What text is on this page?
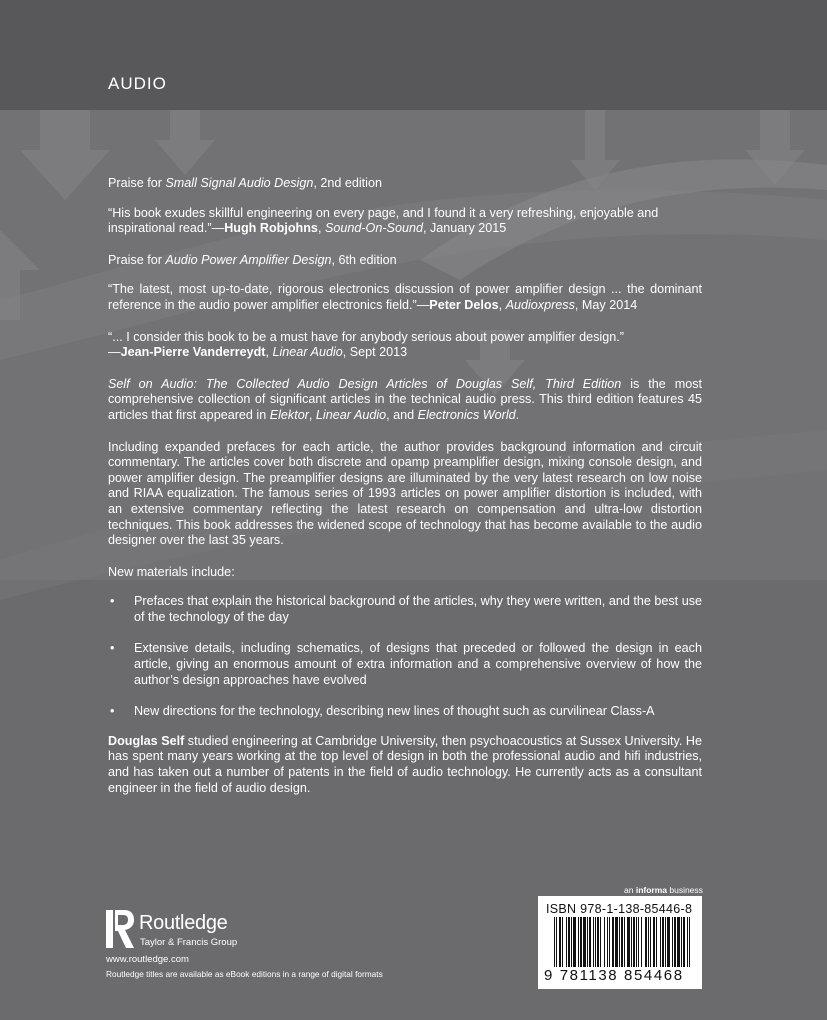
AUDIO

Praise for Small Signal Audio Design, 2nd edition

“His book exudes skillful engineering on every page, and I found it a very refreshing, enjoyable and inspirational read.”—Hugh Robjohns, Sound-On-Sound, January 2015

Praise for Audio Power Amplifier Design, 6th edition

“The latest, most up-to-date, rigorous electronics discussion of power amplifier design ... the dominant reference in the audio power amplifier electronics field.”—Peter Delos, Audioxpress, May 2014

“... I consider this book to be a must have for anybody serious about power amplifier design.”
—Jean-Pierre Vanderreydt, Linear Audio, Sept 2013

Self on Audio: The Collected Audio Design Articles of Douglas Self, Third Edition is the most comprehensive collection of significant articles in the technical audio press. This third edition features 45 articles that first appeared in Elektor, Linear Audio, and Electronics World.

Including expanded prefaces for each article, the author provides background information and circuit commentary. The articles cover both discrete and opamp preamplifier design, mixing console design, and power amplifier design. The preamplifier designs are illuminated by the very latest research on low noise and RIAA equalization. The famous series of 1993 articles on power amplifier distortion is included, with an extensive commentary reflecting the latest research on compensation and ultra-low distortion techniques. This book addresses the widened scope of technology that has become available to the audio designer over the last 35 years.

New materials include:

• Prefaces that explain the historical background of the articles, why they were written, and the best use of the technology of the day
• Extensive details, including schematics, of designs that preceded or followed the design in each article, giving an enormous amount of extra information and a comprehensive overview of how the author’s design approaches have evolved
• New directions for the technology, describing new lines of thought such as curvilinear Class-A

Douglas Self studied engineering at Cambridge University, then psychoacoustics at Sussex University. He has spent many years working at the top level of design in both the professional audio and hifi industries, and has taken out a number of patents in the field of audio technology. He currently acts as a consultant engineer in the field of audio design.

an informa business
ISBN 978-1-138-85446-8
9 781138 854468
Routledge
Taylor & Francis Group
www.routledge.com
Routledge titles are available as eBook editions in a range of digital formats
